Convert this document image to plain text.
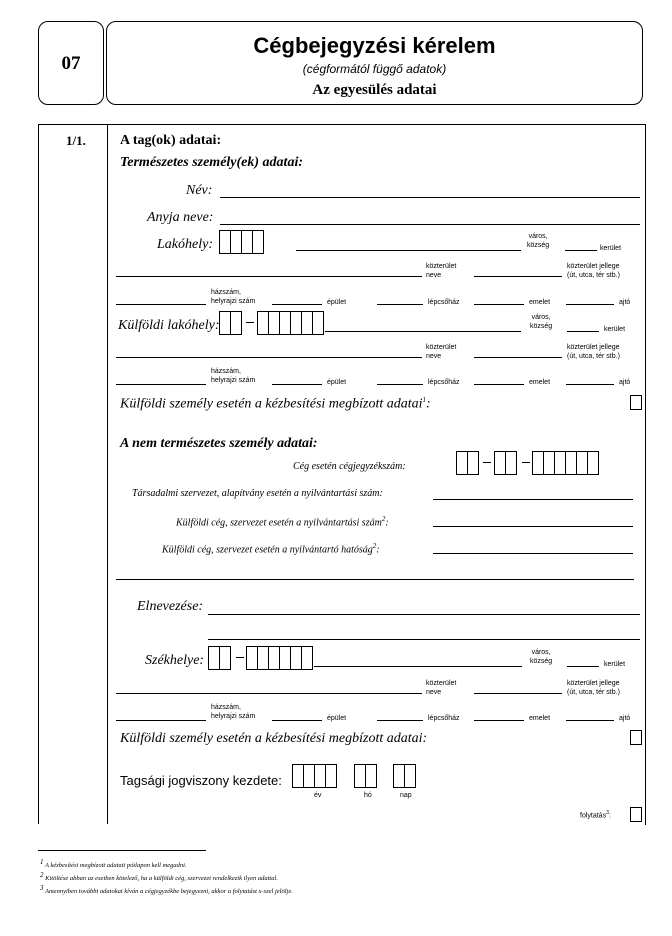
07
Cégbejegyzési kérelem
(cégformától függő adatok)
Az egyesülés adatai
1/1. A tag(ok) adatai:
Természetes személy(ek) adatai:
Név:
Anyja neve:
Lakóhely:
város,
község	kerület
közterület
neve
közterület jellege
(út, utca, tér stb.)
házszám,
helyrajzi szám	épület	lépcsőház	emelet	ajtó
Külföldi lakóhely:
város,
község	kerület
közterület
neve
közterület jellege
(út, utca, tér stb.)
házszám,
helyrajzi szám	épület	lépcsőház	emelet	ajtó
Külföldi személy esetén a kézbesítési megbízott adatai$^1$:
A nem természetes személy adatai:
Cég esetén cégjegyzékszám:
Társadalmi szervezet, alapítvány esetén a nyilvántartási szám:
Külföldi cég, szervezet esetén a nyilvántartási szám$^2$:
Külföldi cég, szervezet esetén a nyilvántartó hatóság$^2$:
Elnevezése:
Székhelye:
város,
község	kerület
közterület
neve
közterület jellege
(út, utca, tér stb.)
házszám,
helyrajzi szám	épület	lépcsőház	emelet	ajtó
Külföldi személy esetén a kézbesítési megbízott adatai:
Tagsági jogviszony kezdete:
év	hó	nap
folytatás$^3$:
$^1$ A kézbesítési megbízott adatait pótlapon kell megadni.
$^2$ Kitöltése abban az esetben kötelező, ha a külföldi cég, szervezet rendelkezik ilyen adattal.
$^3$ Amennyiben további adatokat kíván a cégjegyzékbe bejegyezni, akkor a folytatást x-szel jelölje.
